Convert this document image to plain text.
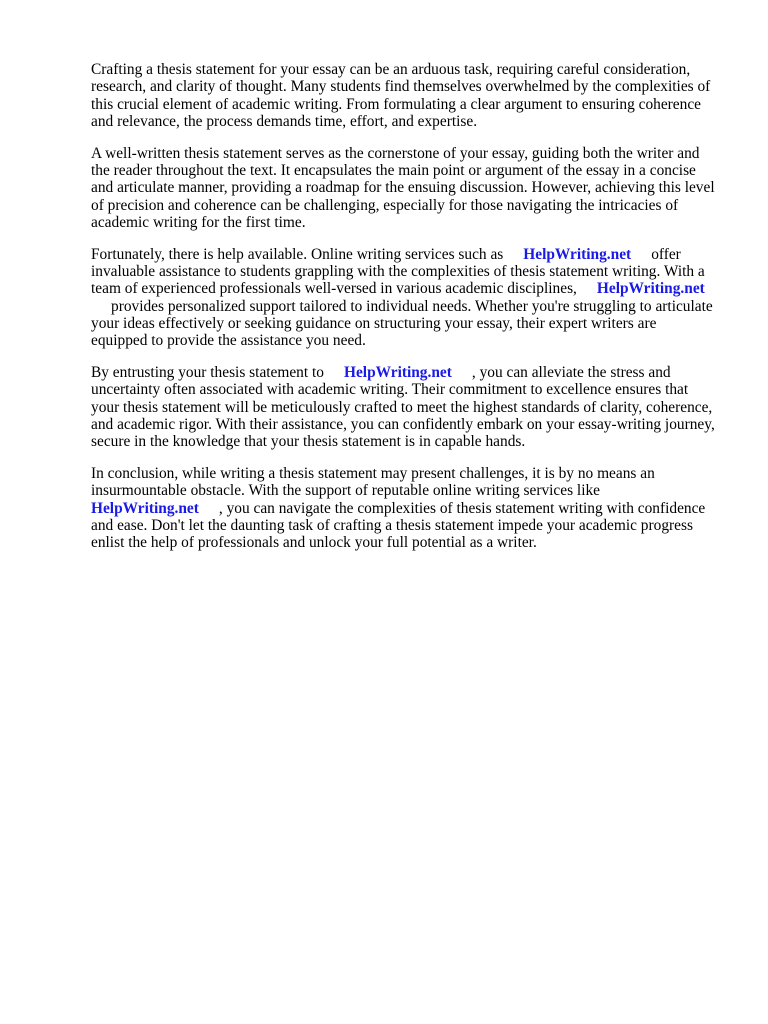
Crafting a thesis statement for your essay can be an arduous task, requiring careful consideration,
research, and clarity of thought. Many students find themselves overwhelmed by the complexities of
this crucial element of academic writing. From formulating a clear argument to ensuring coherence
and relevance, the process demands time, effort, and expertise.

A well-written thesis statement serves as the cornerstone of your essay, guiding both the writer and
the reader throughout the text. It encapsulates the main point or argument of the essay in a concise
and articulate manner, providing a roadmap for the ensuing discussion. However, achieving this level
of precision and coherence can be challenging, especially for those navigating the intricacies of
academic writing for the first time.

Fortunately, there is help available. Online writing services such as HelpWriting.net offer
invaluable assistance to students grappling with the complexities of thesis statement writing. With a
team of experienced professionals well-versed in various academic disciplines, HelpWriting.net
provides personalized support tailored to individual needs. Whether you're struggling to articulate
your ideas effectively or seeking guidance on structuring your essay, their expert writers are
equipped to provide the assistance you need.

By entrusting your thesis statement to HelpWriting.net , you can alleviate the stress and
uncertainty often associated with academic writing. Their commitment to excellence ensures that
your thesis statement will be meticulously crafted to meet the highest standards of clarity, coherence,
and academic rigor. With their assistance, you can confidently embark on your essay-writing journey,
secure in the knowledge that your thesis statement is in capable hands.

In conclusion, while writing a thesis statement may present challenges, it is by no means an
insurmountable obstacle. With the support of reputable online writing services like
HelpWriting.net , you can navigate the complexities of thesis statement writing with confidence
and ease. Don't let the daunting task of crafting a thesis statement impede your academic progress
enlist the help of professionals and unlock your full potential as a writer.
